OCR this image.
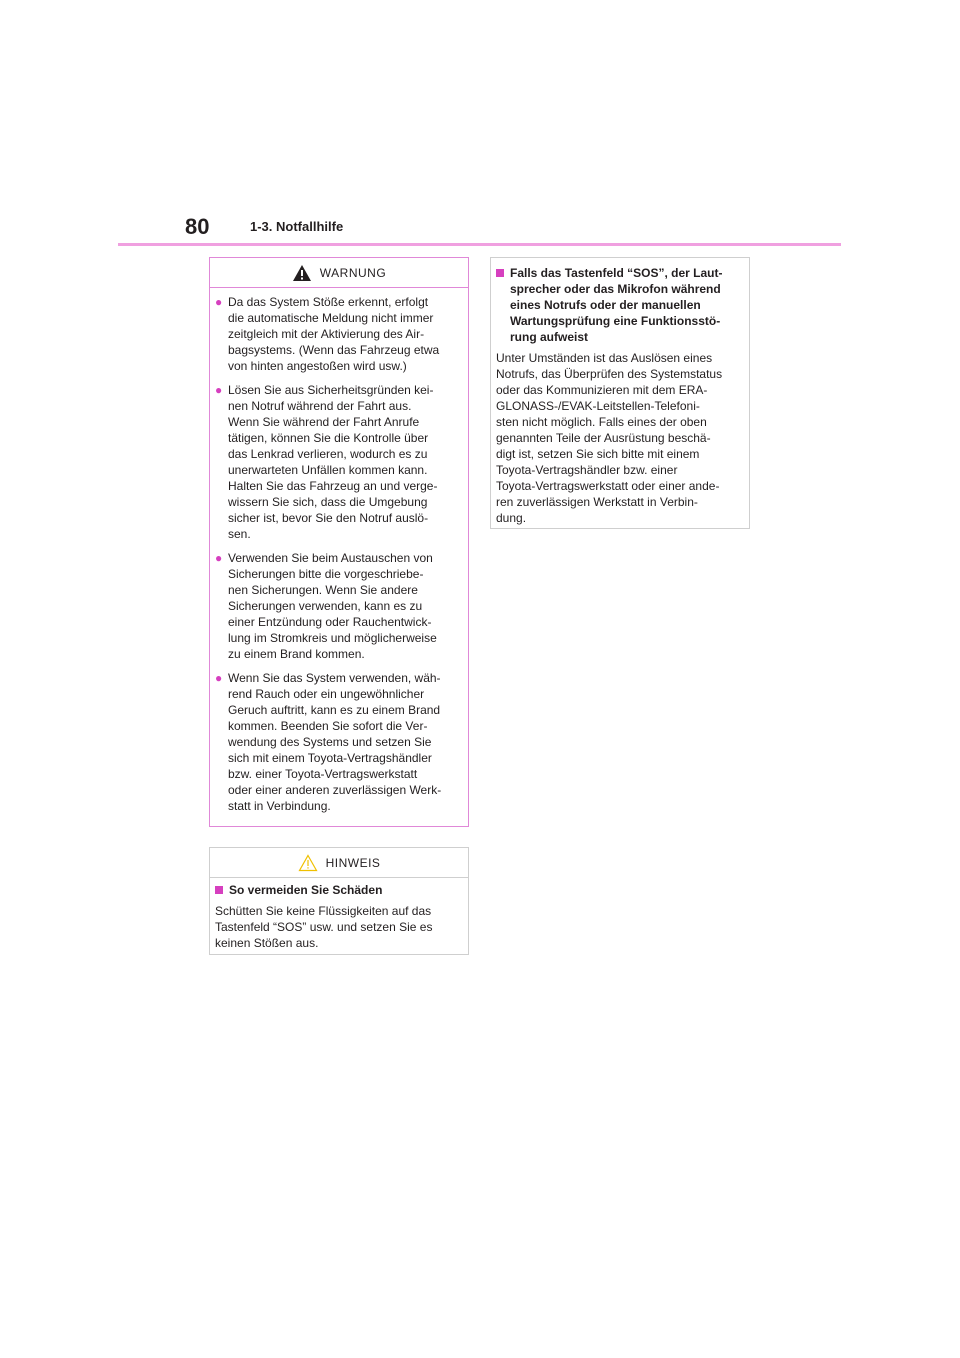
80	1-3. Notfallhilfe
WARNUNG
● Da das System Stöße erkennt, erfolgt
die automatische Meldung nicht immer
zeitgleich mit der Aktivierung des Air-
bagsystems. (Wenn das Fahrzeug etwa
von hinten angestoßen wird usw.)
● Lösen Sie aus Sicherheitsgründen kei-
nen Notruf während der Fahrt aus.
Wenn Sie während der Fahrt Anrufe
tätigen, können Sie die Kontrolle über
das Lenkrad verlieren, wodurch es zu
unerwarteten Unfällen kommen kann.
Halten Sie das Fahrzeug an und verge-
wissern Sie sich, dass die Umgebung
sicher ist, bevor Sie den Notruf auslö-
sen.
● Verwenden Sie beim Austauschen von
Sicherungen bitte die vorgeschriebe-
nen Sicherungen. Wenn Sie andere
Sicherungen verwenden, kann es zu
einer Entzündung oder Rauchentwick-
lung im Stromkreis und möglicherweise
zu einem Brand kommen.
● Wenn Sie das System verwenden, wäh-
rend Rauch oder ein ungewöhnlicher
Geruch auftritt, kann es zu einem Brand
kommen. Beenden Sie sofort die Ver-
wendung des Systems und setzen Sie
sich mit einem Toyota-Vertragshändler
bzw. einer Toyota-Vertragswerkstatt
oder einer anderen zuverlässigen Werk-
statt in Verbindung.
HINWEIS
So vermeiden Sie Schäden
Schütten Sie keine Flüssigkeiten auf das
Tastenfeld “SOS” usw. und setzen Sie es
keinen Stößen aus.
Falls das Tastenfeld “SOS”, der Laut-
sprecher oder das Mikrofon während
eines Notrufs oder der manuellen
Wartungsprüfung eine Funktionsstö-
rung aufweist
Unter Umständen ist das Auslösen eines
Notrufs, das Überprüfen des Systemstatus
oder das Kommunizieren mit dem ERA-
GLONASS-/EVAK-Leitstellen-Telefoni-
sten nicht möglich. Falls eines der oben
genannten Teile der Ausrüstung beschä-
digt ist, setzen Sie sich bitte mit einem
Toyota-Vertragshändler bzw. einer
Toyota-Vertragswerkstatt oder einer ande-
ren zuverlässigen Werkstatt in Verbin-
dung.
